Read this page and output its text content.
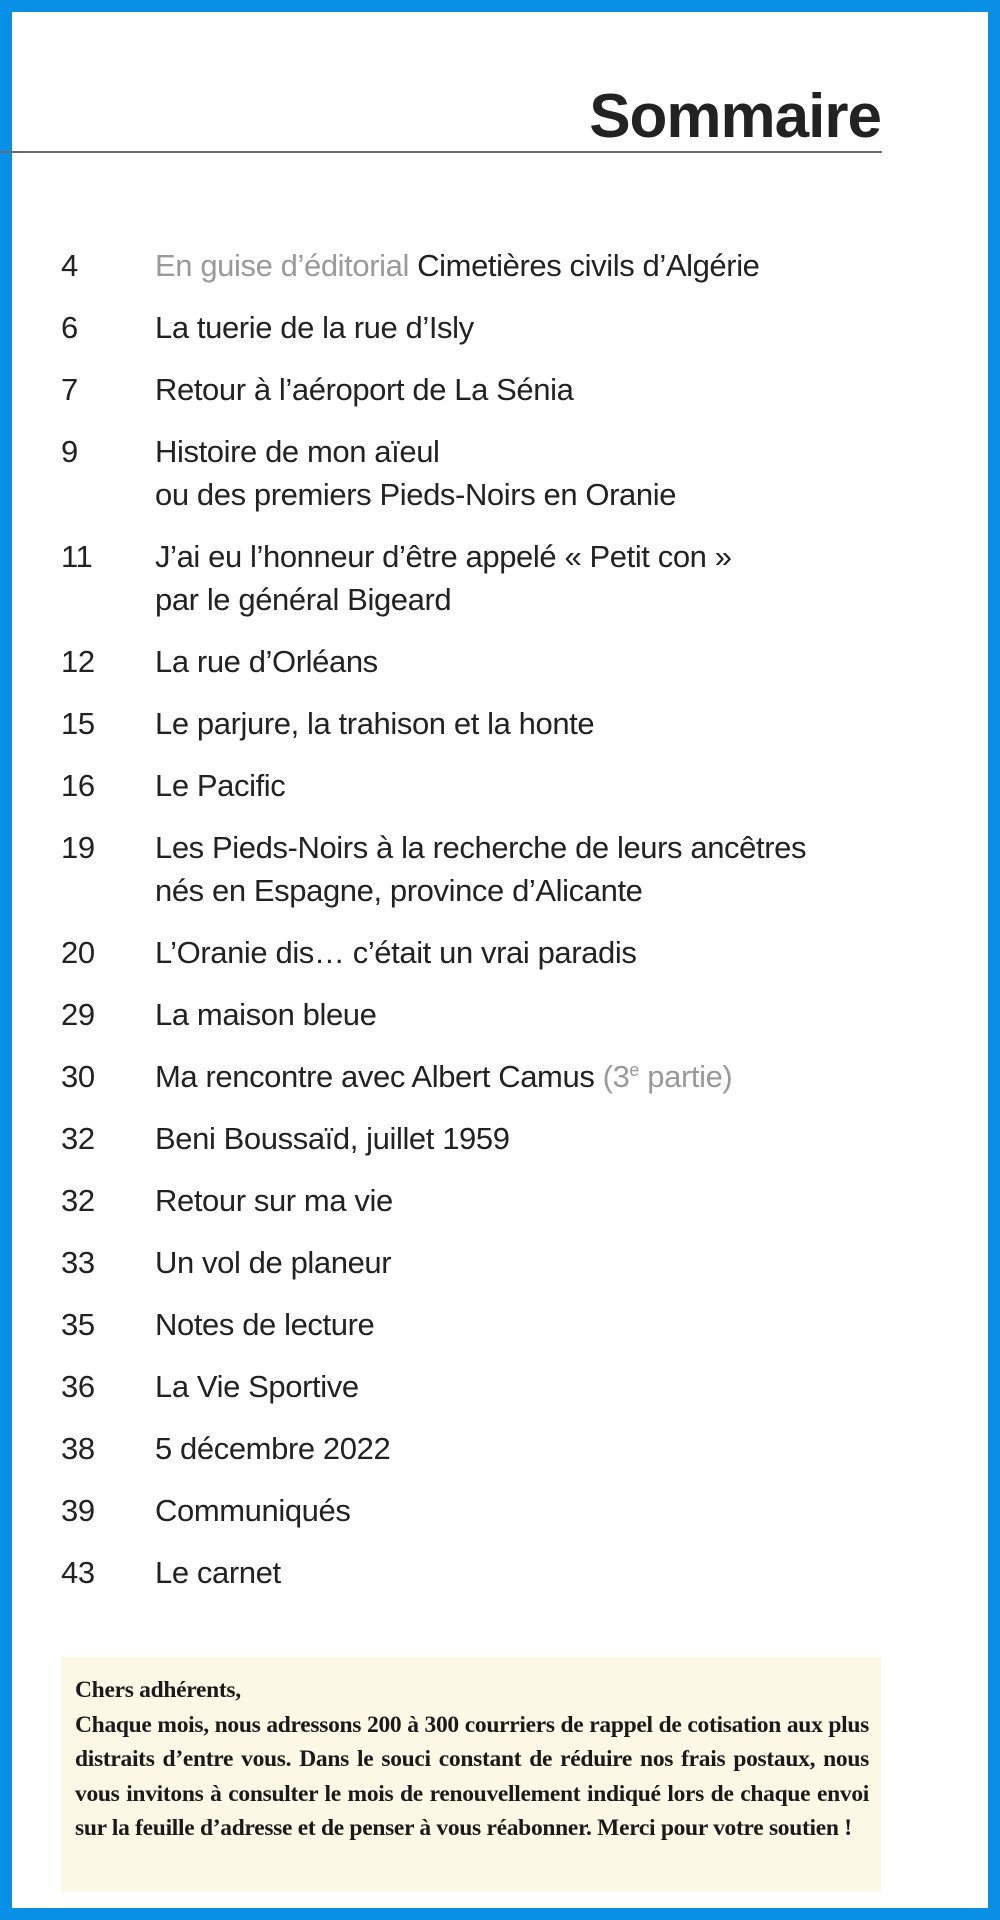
Sommaire
4 En guise d’éditorial Cimetières civils d’Algérie
6 La tuerie de la rue d’Isly
7 Retour à l’aéroport de La Sénia
9 Histoire de mon aïeul
ou des premiers Pieds-Noirs en Oranie
11 J’ai eu l’honneur d’être appelé « Petit con »
par le général Bigeard
12 La rue d’Orléans
15 Le parjure, la trahison et la honte
16 Le Pacific
19 Les Pieds-Noirs à la recherche de leurs ancêtres
nés en Espagne, province d’Alicante
20 L’Oranie dis… c’était un vrai paradis
29 La maison bleue
30 Ma rencontre avec Albert Camus (3e partie)
32 Beni Boussaïd, juillet 1959
32 Retour sur ma vie
33 Un vol de planeur
35 Notes de lecture
36 La Vie Sportive
38 5 décembre 2022
39 Communiqués
43 Le carnet

Chers adhérents,

Chaque mois, nous adressons 200 à 300 courriers de rappel de cotisation aux plus distraits d’entre vous. Dans le souci constant de réduire nos frais postaux, nous vous invitons à consulter le mois de renouvellement indiqué lors de chaque envoi sur la feuille d’adresse et de penser à vous réabonner. Merci pour votre soutien !
